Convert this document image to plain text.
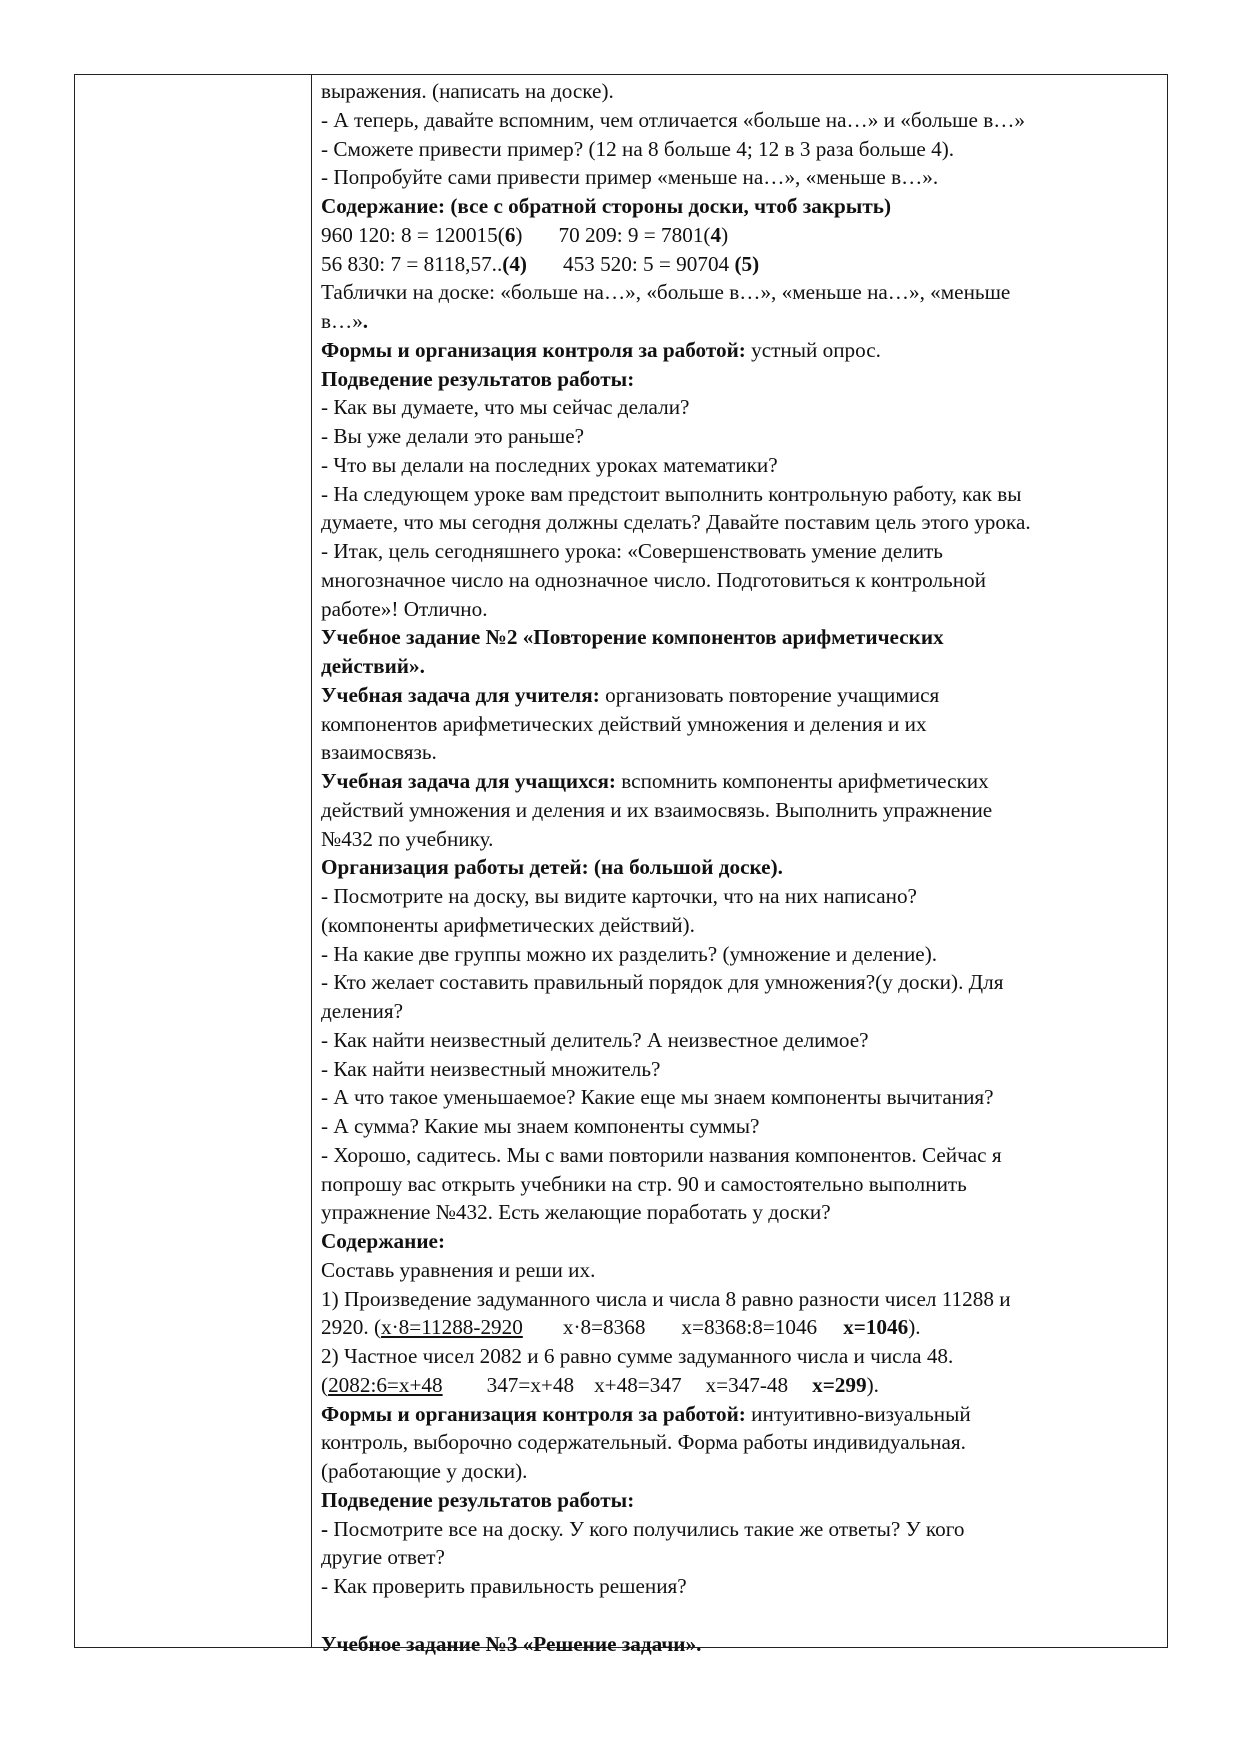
выражения. (написать на доске).
- А теперь, давайте вспомним, чем отличается «больше на…» и «больше в…»
- Сможете привести пример? (12 на 8 больше 4; 12 в 3 раза больше 4).
- Попробуйте сами привести пример «меньше на…», «меньше в…».
Содержание: (все с обратной стороны доски, чтоб закрыть)
960 120: 8 = 120015(6) 70 209: 9 = 7801(4)
56 830: 7 = 8118,57..(4) 453 520: 5 = 90704 (5)
Таблички на доске: «больше на…», «больше в…», «меньше на…», «меньше
в…».
Формы и организация контроля за работой: устный опрос.
Подведение результатов работы:
- Как вы думаете, что мы сейчас делали?
- Вы уже делали это раньше?
- Что вы делали на последних уроках математики?
- На следующем уроке вам предстоит выполнить контрольную работу, как вы
думаете, что мы сегодня должны сделать? Давайте поставим цель этого урока.
- Итак, цель сегодняшнего урока: «Совершенствовать умение делить
многозначное число на однозначное число. Подготовиться к контрольной
работе»! Отлично.
Учебное задание №2 «Повторение компонентов арифметических
действий».
Учебная задача для учителя: организовать повторение учащимися
компонентов арифметических действий умножения и деления и их
взаимосвязь.
Учебная задача для учащихся: вспомнить компоненты арифметических
действий умножения и деления и их взаимосвязь. Выполнить упражнение
№432 по учебнику.
Организация работы детей: (на большой доске).
- Посмотрите на доску, вы видите карточки, что на них написано?
(компоненты арифметических действий).
- На какие две группы можно их разделить? (умножение и деление).
- Кто желает составить правильный порядок для умножения?(у доски). Для
деления?
- Как найти неизвестный делитель? А неизвестное делимое?
- Как найти неизвестный множитель?
- А что такое уменьшаемое? Какие еще мы знаем компоненты вычитания?
- А сумма? Какие мы знаем компоненты суммы?
- Хорошо, садитесь. Мы с вами повторили названия компонентов. Сейчас я
попрошу вас открыть учебники на стр. 90 и самостоятельно выполнить
упражнение №432. Есть желающие поработать у доски?
Содержание:
Составь уравнения и реши их.
1) Произведение задуманного числа и числа 8 равно разности чисел 11288 и
2920. (х·8=11288-2920 х·8=8368 х=8368:8=1046 х=1046).
2) Частное чисел 2082 и 6 равно сумме задуманного числа и числа 48.
(2082:6=х+48 347=х+48 х+48=347 х=347-48 х=299).
Формы и организация контроля за работой: интуитивно-визуальный
контроль, выборочно содержательный. Форма работы индивидуальная.
(работающие у доски).
Подведение результатов работы:
- Посмотрите все на доску. У кого получились такие же ответы? У кого
другие ответ?
- Как проверить правильность решения?
Учебное задание №3 «Решение задачи».
